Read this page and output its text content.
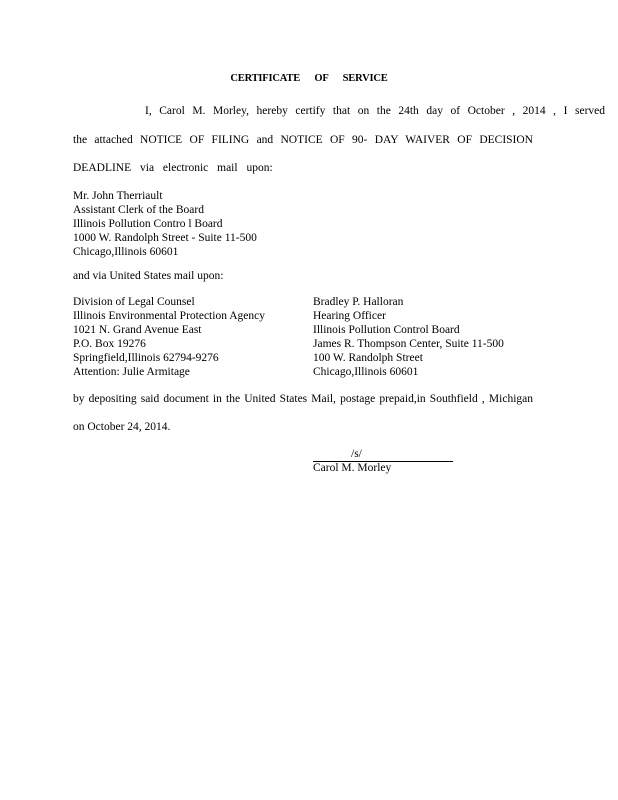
CERTIFICATE OF SERVICE
I, Carol M. Morley, hereby certify that on the 24th day of October , 2014 , I served
the attached NOTICE OF FILING and NOTICE OF 90- DAY WAIVER OF DECISION
DEADLINE via electronic mail upon:
Mr. John Therriault
Assistant Clerk of the Board
Illinois Pollution Contro l Board
1000 W. Randolph Street - Suite 11-500
Chicago,Illinois 60601
and via United States mail upon:
Division of Legal Counsel
Illinois Environmental Protection Agency
1021 N. Grand Avenue East
P.O. Box 19276
Springfield,Illinois 62794-9276
Attention: Julie Armitage
Bradley P. Halloran
Hearing Officer
Illinois Pollution Control Board
James R. Thompson Center, Suite 11-500
100 W. Randolph Street
Chicago,Illinois 60601
by depositing said document in the United States Mail, postage prepaid,in Southfield , Michigan
on October 24, 2014.
/s/
Carol M. Morley
